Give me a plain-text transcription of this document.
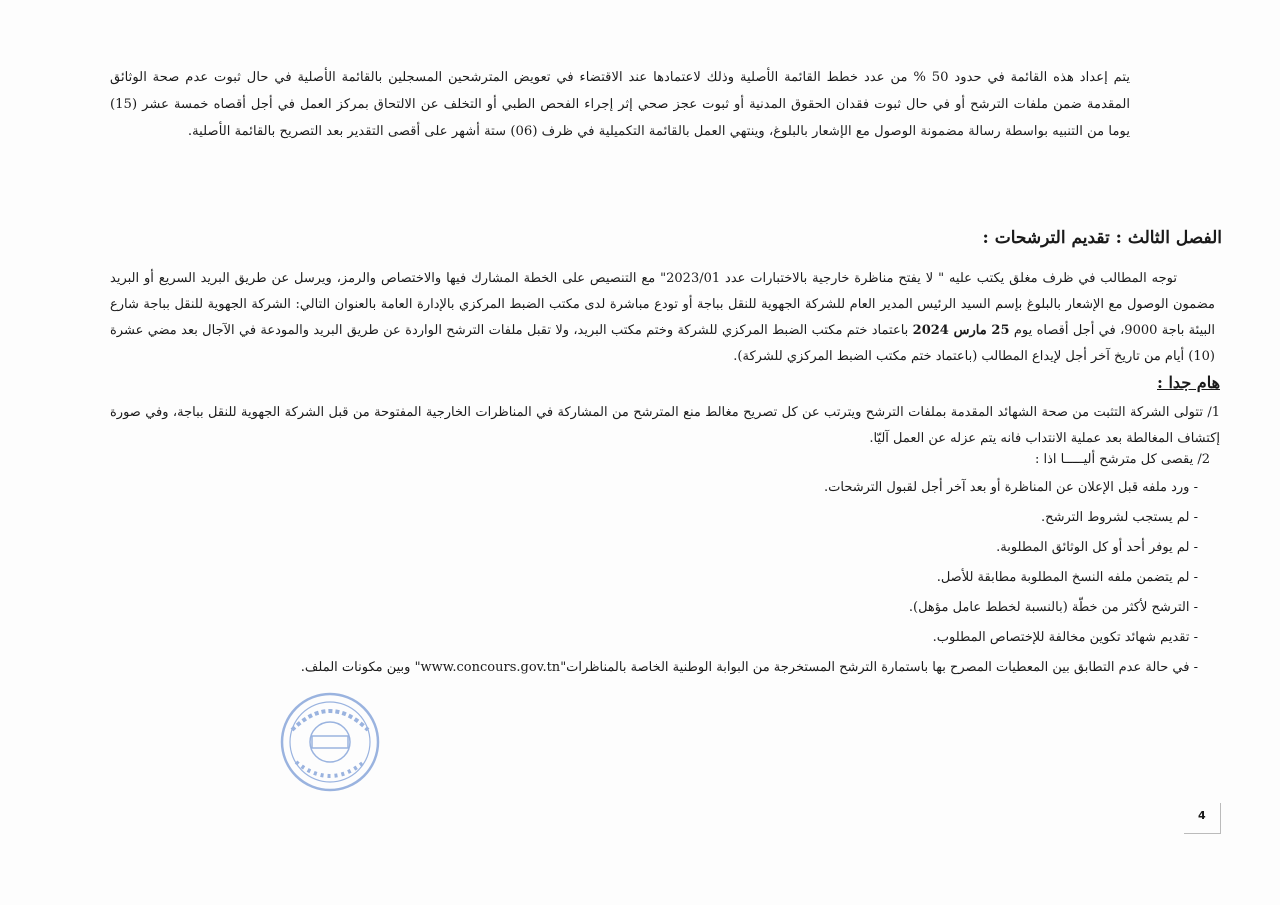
يتم إعداد هذه القائمة في حدود 50 % من عدد خطط القائمة الأصلية وذلك لاعتمادها عند الاقتضاء في تعويض المترشحين المسجلين بالقائمة الأصلية في حال ثبوت عدم صحة الوثائق المقدمة ضمن ملفات الترشح أو في حال ثبوت فقدان الحقوق المدنية أو ثبوت عجز صحي إثر إجراء الفحص الطبي أو التخلف عن الالتحاق بمركز العمل في أجل أقصاه خمسة عشر (15) يوما من التنبيه بواسطة رسالة مضمونة الوصول مع الإشعار بالبلوغ، وينتهي العمل بالقائمة التكميلية في ظرف (06) ستة أشهر على أقصى التقدير بعد التصريح بالقائمة الأصلية.
الفصل الثالث : تقديم الترشحات :
توجه المطالب في ظرف مغلق يكتب عليه " لا يفتح مناظرة خارجية بالاختبارات عدد 2023/01" مع التنصيص على الخطة المشارك فيها والاختصاص والرمز، ويرسل عن طريق البريد السريع أو البريد مضمون الوصول مع الإشعار بالبلوغ بإسم السيد الرئيس المدير العام للشركة الجهوية للنقل بباجة أو تودع مباشرة لدى مكتب الضبط المركزي بالإدارة العامة بالعنوان التالي: الشركة الجهوية للنقل بباجة شارع البيئة باجة 9000، في أجل أقصاه يوم 25 مارس 2024 باعتماد ختم مكتب الضبط المركزي للشركة وختم مكتب البريد، ولا تقبل ملفات الترشح الواردة عن طريق البريد والمودعة في الآجال بعد مضي عشرة (10) أيام من تاريخ آخر أجل لإيداع المطالب (باعتماد ختم مكتب الضبط المركزي للشركة).
هام جدا :
1/ تتولى الشركة التثبت من صحة الشهائد المقدمة بملفات الترشح ويترتب عن كل تصريح مغالط منع المترشح من المشاركة في المناظرات الخارجية المفتوحة من قبل الشركة الجهوية للنقل بباجة، وفي صورة إكتشاف المغالطة بعد عملية الانتداب فانه يتم عزله عن العمل آليّا.
2/ يقصى كل مترشح أليـــــا اذا :
- ورد ملفه قبل الإعلان عن المناظرة أو بعد آخر أجل لقبول الترشحات.
- لم يستجب لشروط الترشح.
- لم يوفر أحد أو كل الوثائق المطلوبة.
- لم يتضمن ملفه النسخ المطلوبة مطابقة للأصل.
- الترشح لأكثر من خطّة (بالنسبة لخطط عامل مؤهل).
- تقديم شهائد تكوين مخالفة للإختصاص المطلوب.
- في حالة عدم التطابق بين المعطيات المصرح بها باستمارة الترشح المستخرجة من البوابة الوطنية الخاصة بالمناظرات"www.concours.gov.tn" وبين مكونات الملف.
4
